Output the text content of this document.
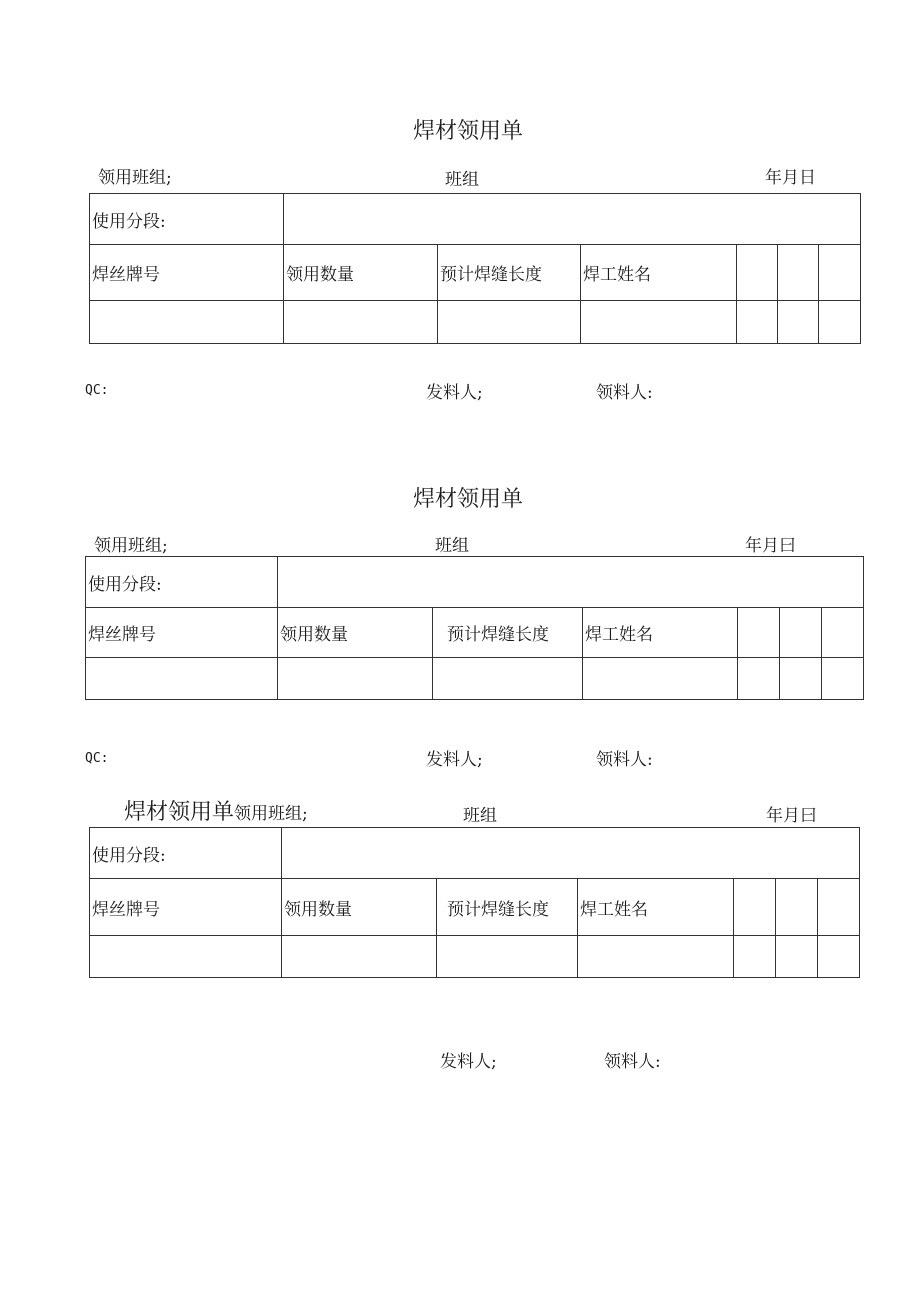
焊材领用单
领用班组;	班组	年月日
使用分段:						
焊丝牌号	领用数量	预计焊缝长度	焊工姓名			

QC:	发料人;	领料人:
焊材领用单
领用班组;	班组	年月曰
使用分段:						
焊丝牌号	领用数量	预计焊缝长度	焊工姓名			

QC:	发料人;	领料人:
焊材领用单领用班组;	班组	年月曰
使用分段:						
焊丝牌号	领用数量	预计焊缝长度	焊工姓名			

发料人;	领料人:
